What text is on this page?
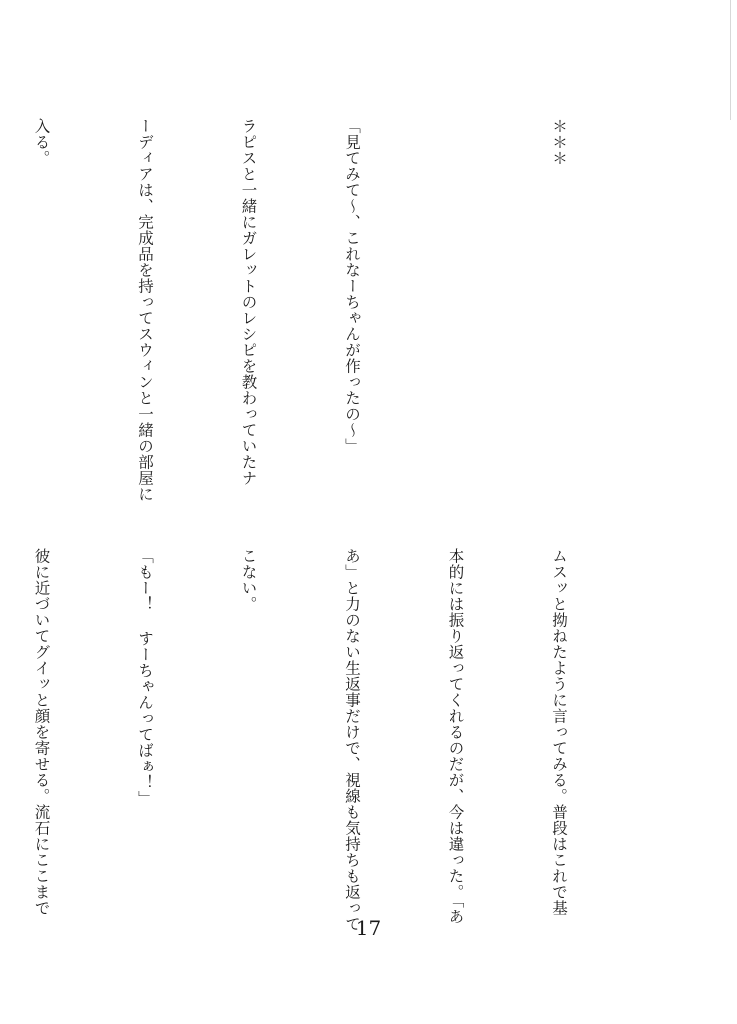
＊＊＊

「見てみて〜、これなーちゃんが作ったの〜」

ラピスと一緒にガレットのレシピを教わっていたナ

ーディアは、完成品を持ってスウィンと一緒の部屋に

入る。

ムスッと拗ねたように言ってみる。普段はこれで基

本的には振り返ってくれるのだが、今は違った。「あ

あ」と力のない生返事だけで、視線も気持ちも返って

こない。

「もー！ すーちゃんってばぁ！」

彼に近づいてグイッと顔を寄せる。流石にここまで

17
